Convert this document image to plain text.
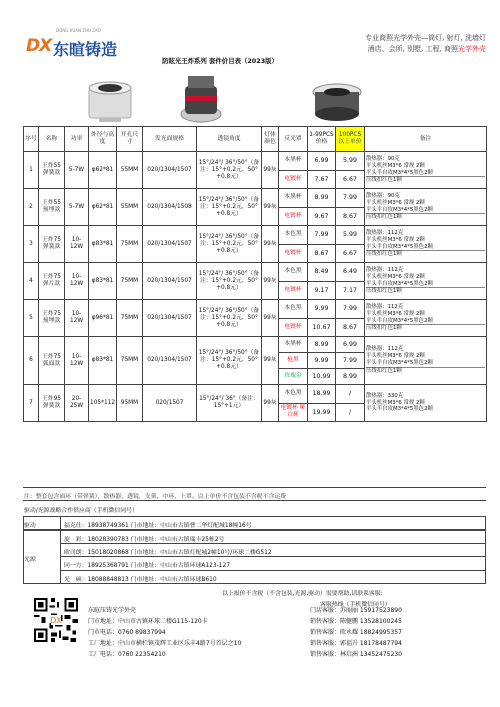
DX
DONG XUAN ZHU ZAO
东暄铸造
专业商照光学外壳—筒灯, 射灯, 洗墙灯
酒店、会所, 别墅, 工程, 商照光学外壳
防眩光王炸系列 套件价目表（2023版）
序号	名称	功率	外径与高度	开孔尺寸	发光面规格	透镜角度	灯体颜色	反光罩	1-99PCS价格	100PCS以上单价	备注
1	王炸55弹簧款	5-7W	φ62*81	55MM	020/1304/1507	15°/24°/ 36°/50°（备注：15°+0.2元，50°+0.8元）	99灰	本黑杯	6.99	5.99	散热器：90克
平头机丝M3*6 常规 2颗
平头半自攻M3*4*5黑色2颗
压线扣红色1颗

								电镀杯	7.67	6.67	
2	王炸55预埋款	5-7W	φ62*81	55MM	020/1304/1508	15°/24°/ 36°/50°（备注：15°+0.2元，50°+0.8元）	99灰	本黑杯	8.99	7.99	散热器：90克
平头机丝M3*6 常规 2颗
平头半自攻M3*4*5黑色2颗
压线扣红色1颗

								电镀杯	9.67	8.67	
3	王炸75弹簧款	10-12W	φ83*81	75MM	020/1304/1507	15°/24°/ 36°/50°（备注：15°+0.2元，50°+0.8元）	99灰	本色黑	7.99	5.99	散热器：112克
平头机丝M3*6 常规 2颗
平头半自攻M3*4*5黑色2颗
压线扣红色1颗

								电镀杯	8.67	6.67	
4	王炸75弹片款	10-12W	φ83*81	75MM	020/1304/1507	15°/24°/ 36°/50°（备注：15°+0.2元，50°+0.8元）	99灰	本色黑	8.49	6.49	散热器：112克
平头机丝M3*6 常规 2颗
平头半自攻M3*4*5黑色2颗
压线扣红色1颗

								电镀杯	9.17	7.17	
5	王炸75预埋款	10-12W	φ96*81	75MM	020/1304/1507	15°/24°/ 36°/50°（备注：15°+0.2元，50°+0.8元）	99灰	本色黑	9.99	7.99	散热器：112克
平头机丝M3*6 常规 2颗
平头半自攻M3*4*5黑色2颗
压线扣红色1颗

								电镀杯	10.67	8.67	
6	王炸75弧面款	10-12W	φ83*81	75MM	020/1304/1507	15°/24°/ 36°/50°（备注：15°+0.2元，50°+0.8元）	99灰	本黑杯	8.99	6.99	散热器：112克
平头机丝M3*6 常规 2颗
平头半自攻M3*4*5黑色2颗
压线扣红色1颗

								枪黑	9.99	7.99	
								玫瑰金	10.99	8.99	
7	王炸95弹簧款	20-25W	105*112	95MM	020/1507	15°/24°/ 36°（备注：15°+1元）	99灰	本色黑	18.99	/	散热器：330克
平头机丝M3*6 常规 2颗
平头半自攻M3*4*5黑色2颗

								电镀杯 哑白杯	19.99	/	
注：整套包含面环（带弹簧），散热器，透镜，支架，中环，上罩。以上单价不含包装不含税不含运费
驱动/光源战略合作供应商（手机微信同号）
驱动	福克仕：18938749361 门市地址：中山市古镇曹二华灯配城18幢16号
光源
旋　彩：18028390783 门市地址：中山市古镇瑞丰25栋2号
欧司朗：15018020868 门市地址：中山市古镇灯配城2幢10号/环球二楼G512
同一方：18925368791 门市地址：中山市古镇环球A123-127
光　硕：18088848813 门市地址：中山市古镇环球B610
以上报价不含税（不含包装,光源,驱动）需要帮助,请联系客服:
客服热线（手机微信同号）
DX
东暄压铸光学外壳
门市地址：中山市古镇环球二楼G115-120卡
门市电话：0760 89837994
工厂地址：中山市横栏镇茂辉工业区乐丰4路7号首层之10
工厂电话：0760 22354210
门店客服：苏丽丽 15917523890
销售客服：陈健鹏 13528100245
销售客服：欧永耀 18824995357
销售客服：郭福升 18178487794
销售客服：林启洲 13452475230
